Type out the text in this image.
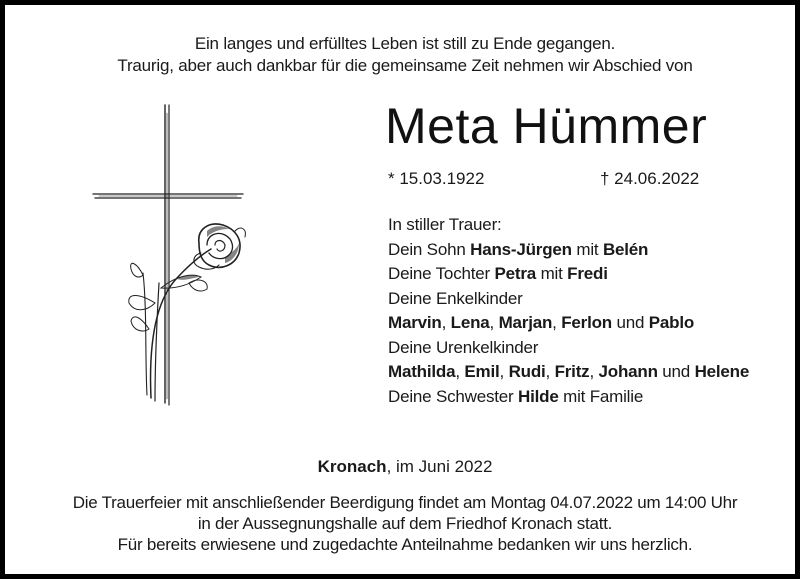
Ein langes und erfülltes Leben ist still zu Ende gegangen.
Traurig, aber auch dankbar für die gemeinsame Zeit nehmen wir Abschied von
Meta Hümmer
* 15.03.1922	† 24.06.2022
In stiller Trauer:
Dein Sohn Hans-Jürgen mit Belén
Deine Tochter Petra mit Fredi
Deine Enkelkinder
Marvin, Lena, Marjan, Ferlon und Pablo
Deine Urenkelkinder
Mathilda, Emil, Rudi, Fritz, Johann und Helene
Deine Schwester Hilde mit Familie
Kronach, im Juni 2022
Die Trauerfeier mit anschließender Beerdigung findet am Montag 04.07.2022 um 14:00 Uhr
in der Aussegnungshalle auf dem Friedhof Kronach statt.
Für bereits erwiesene und zugedachte Anteilnahme bedanken wir uns herzlich.
